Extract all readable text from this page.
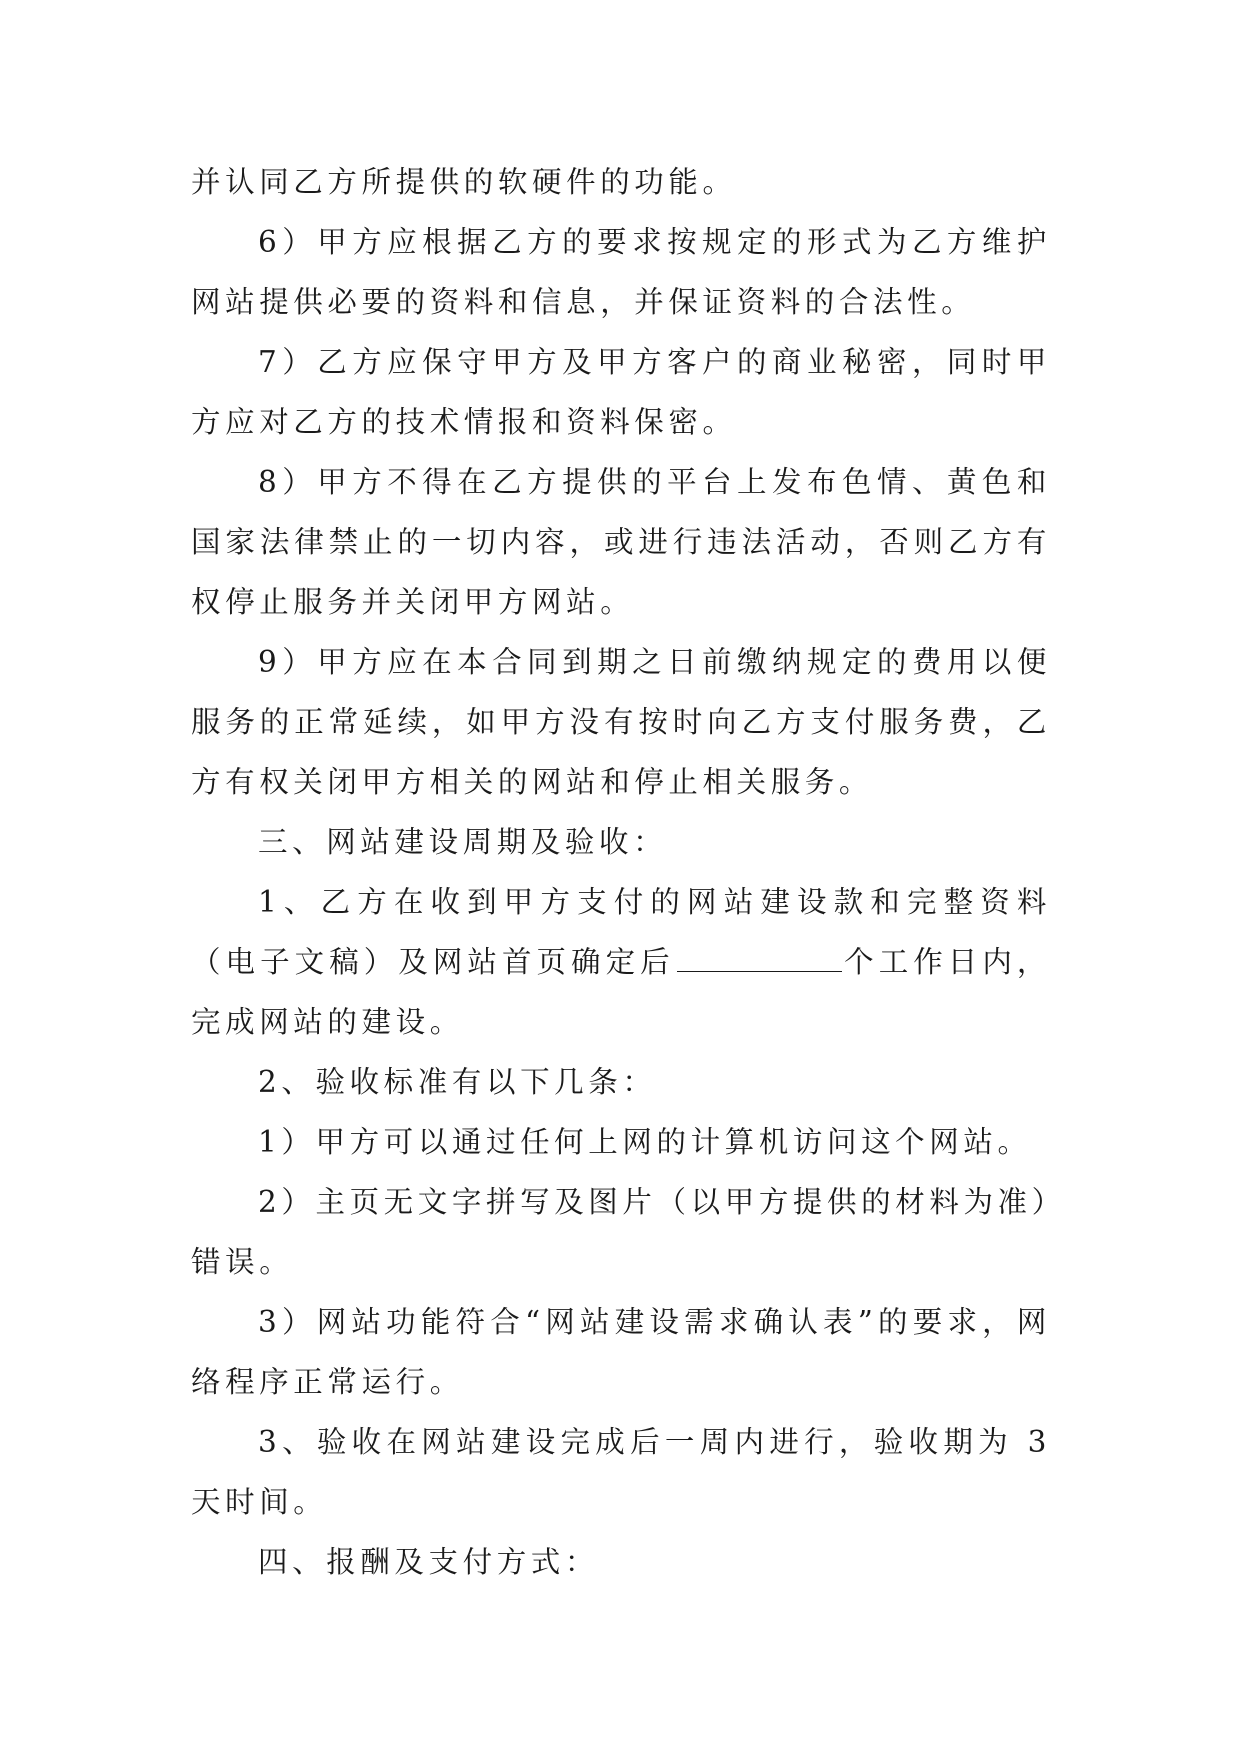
并认同乙方所提供的软硬件的功能。

6）甲方应根据乙方的要求按规定的形式为乙方维护网站提供必要的资料和信息，并保证资料的合法性。

7）乙方应保守甲方及甲方客户的商业秘密，同时甲方应对乙方的技术情报和资料保密。

8）甲方不得在乙方提供的平台上发布色情、黄色和国家法律禁止的一切内容，或进行违法活动，否则乙方有权停止服务并关闭甲方网站。

9）甲方应在本合同到期之日前缴纳规定的费用以便服务的正常延续，如甲方没有按时向乙方支付服务费，乙方有权关闭甲方相关的网站和停止相关服务。

三、网站建设周期及验收：

1、乙方在收到甲方支付的网站建设款和完整资料（电子文稿）及网站首页确定后	个工作日内，完成网站的建设。

2、验收标准有以下几条：

1）甲方可以通过任何上网的计算机访问这个网站。

2）主页无文字拼写及图片（以甲方提供的材料为准）错误。

3）网站功能符合“网站建设需求确认表”的要求，网络程序正常运行。

3、验收在网站建设完成后一周内进行，验收期为 3 天时间。

四、报酬及支付方式：
